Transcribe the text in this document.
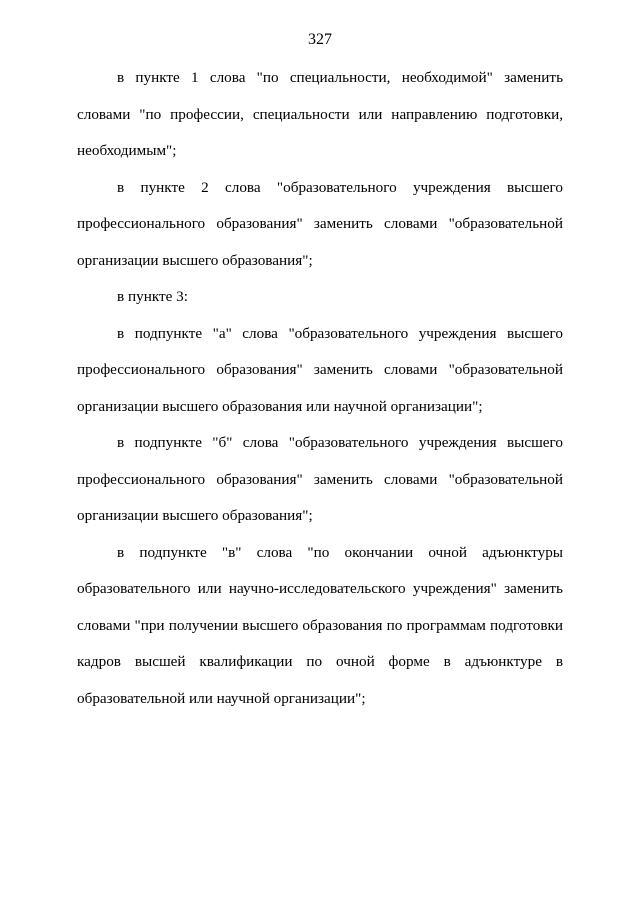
327

в пункте 1 слова "по специальности, необходимой" заменить словами "по профессии, специальности или направлению подготовки, необходимым";

в пункте 2 слова "образовательного учреждения высшего профессионального образования" заменить словами "образовательной организации высшего образования";

в пункте 3:

в подпункте "а" слова "образовательного учреждения высшего профессионального образования" заменить словами "образовательной организации высшего образования или научной организации";

в подпункте "б" слова "образовательного учреждения высшего профессионального образования" заменить словами "образовательной организации высшего образования";

в подпункте "в" слова "по окончании очной адъюнктуры образовательного или научно-исследовательского учреждения" заменить словами "при получении высшего образования по программам подготовки кадров высшей квалификации по очной форме в адъюнктуре в образовательной или научной организации";
